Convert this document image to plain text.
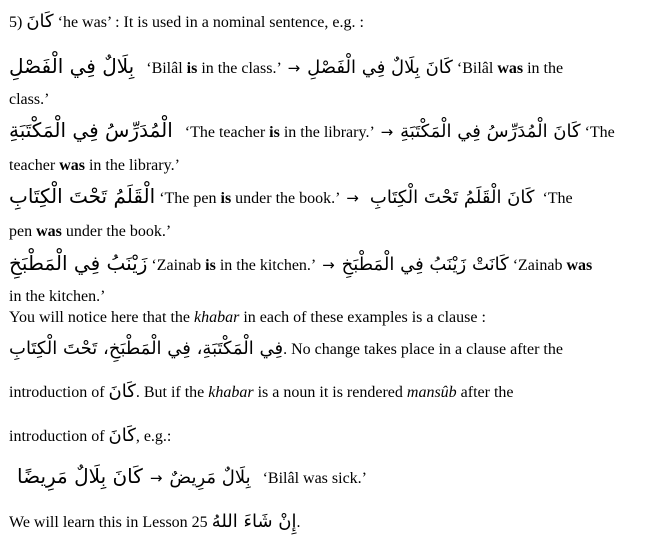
5) كَانَ ‘he was’ : It is used in a nominal sentence, e.g. :
بِلَالٌ فِي الْفَصْلِ ‘Bilâl is in the class.’ → كَانَ بِلَالٌ فِي الْفَصْلِ ‘Bilâl was in the
class.’
الْمُدَرِّسُ فِي الْمَكْتَبَةِ ‘The teacher is in the library.’ → كَانَ الْمُدَرِّسُ فِي الْمَكْتَبَةِ ‘The
teacher was in the library.’
الْقَلَمُ تَحْتَ الْكِتَابِ ‘The pen is under the book.’ → كَانَ الْقَلَمُ تَحْتَ الْكِتَابِ ‘The
pen was under the book.’
زَيْنَبُ فِي الْمَطْبَخِ ‘Zainab is in the kitchen.’ → كَانَتْ زَيْنَبُ فِي الْمَطْبَخِ ‘Zainab was
in the kitchen.’
You will notice here that the khabar in each of these examples is a clause :
فِي الْمَكْتَبَةِ، فِي الْمَطْبَخِ، تَحْتَ الْكِتَابِ. No change takes place in a clause after the
introduction of كَانَ. But if the khabar is a noun it is rendered mansûb after the
introduction of كَانَ, e.g.:
كَانَ بِلَالٌ مَرِيضًا → بِلَالٌ مَرِيضٌ ‘Bilâl was sick.’
We will learn this in Lesson 25 إِنْ شَاءَ اللهُ.
